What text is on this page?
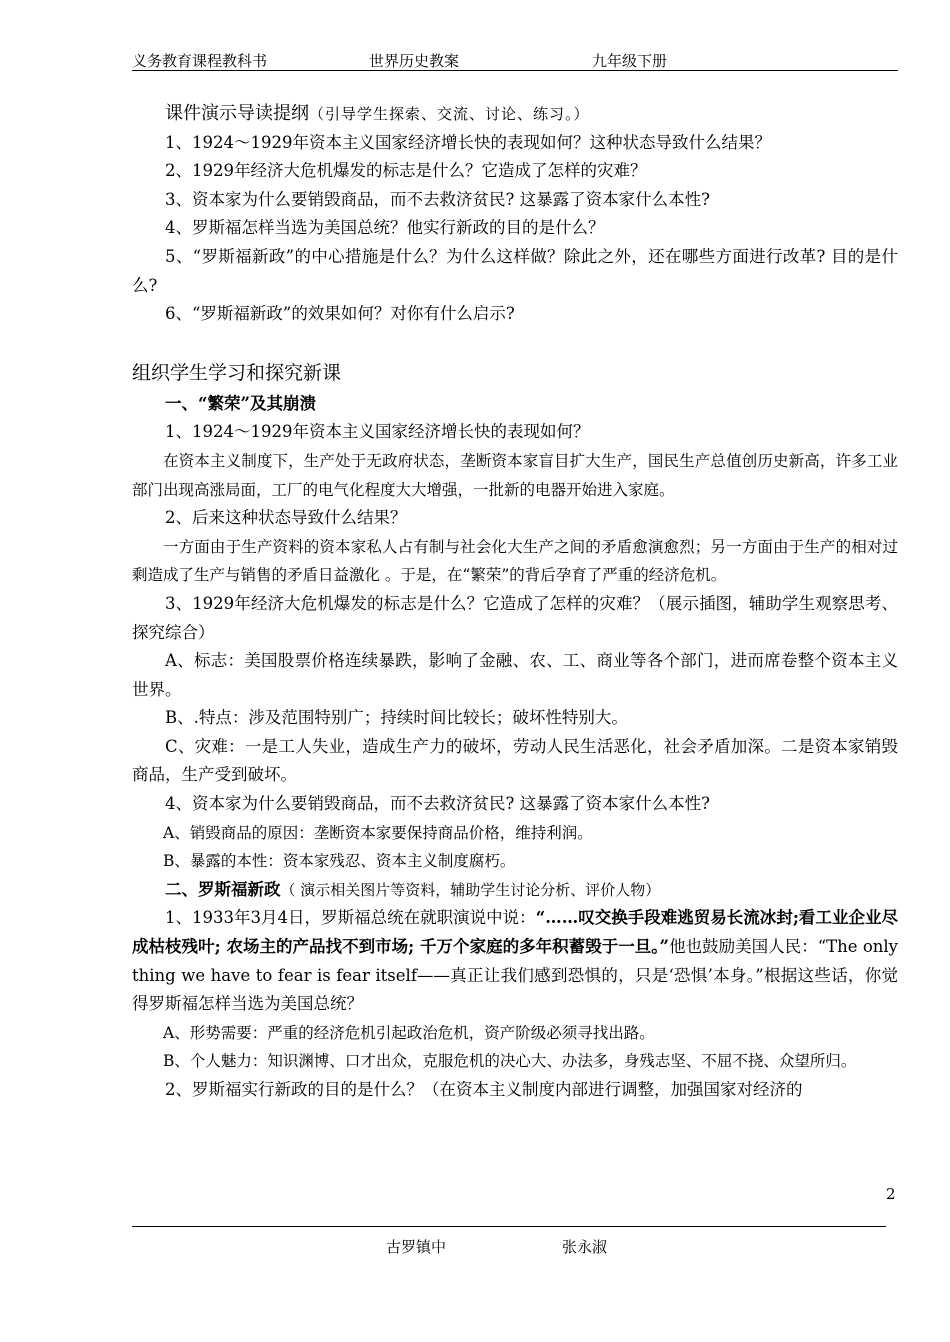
义务教育课程教科书	世界历史教案	九年级下册

课件演示导读提纲（引导学生探索、交流、讨论、练习。）

1、1924～1929年资本主义国家经济增长快的表现如何？这种状态导致什么结果？

2、1929年经济大危机爆发的标志是什么？它造成了怎样的灾难？

3、资本家为什么要销毁商品，而不去救济贫民? 这暴露了资本家什么本性?

4、罗斯福怎样当选为美国总统？他实行新政的目的是什么？

5、“罗斯福新政”的中心措施是什么？为什么这样做？除此之外，还在哪些方面进行改革? 目的是什么?

6、“罗斯福新政”的效果如何？对你有什么启示?

组织学生学习和探究新课

一、“繁荣”及其崩溃

1、1924～1929年资本主义国家经济增长快的表现如何？

在资本主义制度下，生产处于无政府状态，垄断资本家盲目扩大生产，国民生产总值创历史新高，许多工业部门出现高涨局面，工厂的电气化程度大大增强，一批新的电器开始进入家庭。

2、后来这种状态导致什么结果？

一方面由于生产资料的资本家私人占有制与社会化大生产之间的矛盾愈演愈烈；另一方面由于生产的相对过剩造成了生产与销售的矛盾日益激化 。于是，在“繁荣”的背后孕育了严重的经济危机。

3、1929年经济大危机爆发的标志是什么？它造成了怎样的灾难？（展示插图，辅助学生观察思考、探究综合）

A、标志：美国股票价格连续暴跌，影响了金融、农、工、商业等各个部门，进而席卷整个资本主义世界。

B、.特点：涉及范围特别广；持续时间比较长；破坏性特别大。

C、灾难：一是工人失业，造成生产力的破坏，劳动人民生活恶化，社会矛盾加深。二是资本家销毁商品，生产受到破坏。

4、资本家为什么要销毁商品，而不去救济贫民? 这暴露了资本家什么本性?

A、销毁商品的原因：垄断资本家要保持商品价格，维持利润。

B、暴露的本性：资本家残忍、资本主义制度腐朽。

二、罗斯福新政（ 演示相关图片等资料，辅助学生讨论分析、评价人物）

1、1933年3月4日，罗斯福总统在就职演说中说：“……叹交换手段难逃贸易长流冰封;看工业企业尽成枯枝残叶; 农场主的产品找不到市场; 千万个家庭的多年积蓄毁于一旦。”他也鼓励美国人民：“The only thing we have to fear is fear itself——真正让我们感到恐惧的，只是‘恐惧’本身。”根据这些话，你觉得罗斯福怎样当选为美国总统？

A、形势需要：严重的经济危机引起政治危机，资产阶级必须寻找出路。

B、个人魅力：知识渊博、口才出众，克服危机的决心大、办法多，身残志坚、不屈不挠、众望所归。

2、罗斯福实行新政的目的是什么？（在资本主义制度内部进行调整，加强国家对经济的

2
古罗镇中	张永淑
